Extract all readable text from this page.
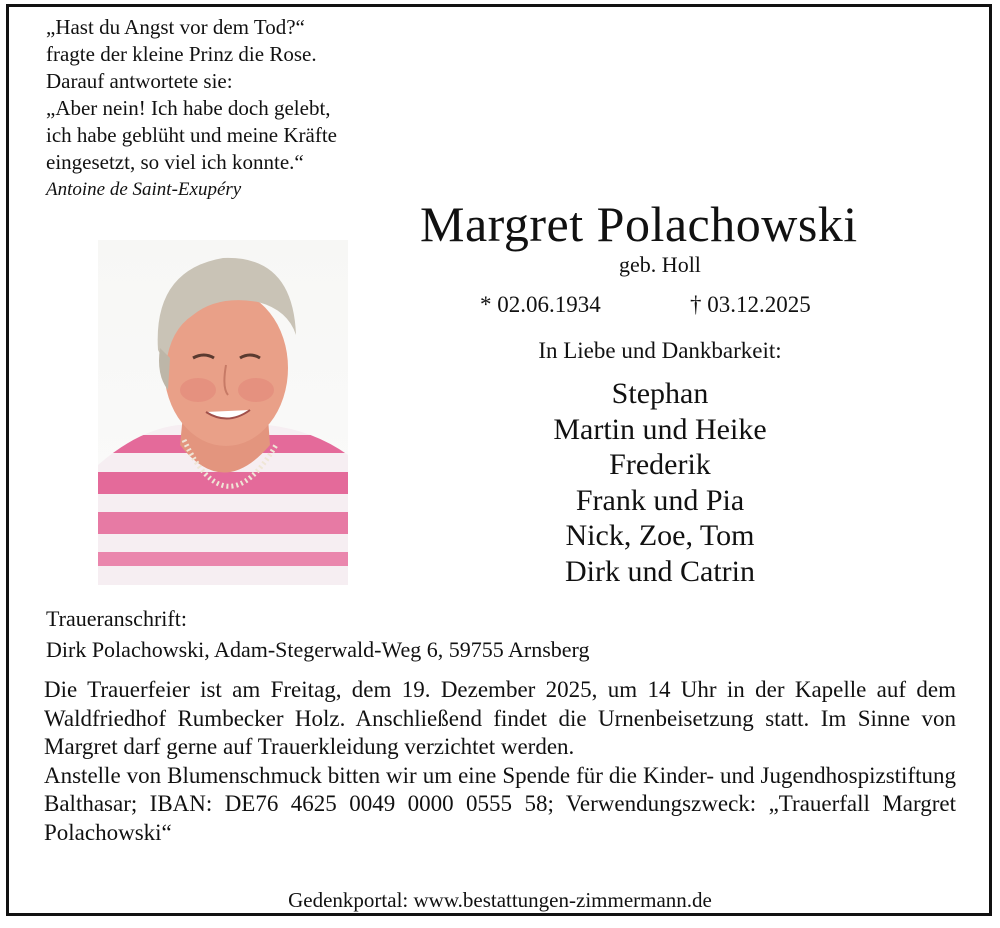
„Hast du Angst vor dem Tod?“
fragte der kleine Prinz die Rose.
Darauf antwortete sie:
„Aber nein! Ich habe doch gelebt,
ich habe geblüht und meine Kräfte
eingesetzt, so viel ich konnte.“
Antoine de Saint-Exupéry
Margret Polachowski
geb. Holl
* 02.06.1934	† 03.12.2025
In Liebe und Dankbarkeit:
Stephan
Martin und Heike
Frederik
Frank und Pia
Nick, Zoe, Tom
Dirk und Catrin
Traueranschrift:
Dirk Polachowski, Adam-Stegerwald-Weg 6, 59755 Arnsberg

Die Trauerfeier ist am Freitag, dem 19. Dezember 2025, um 14 Uhr in der Kapelle auf dem Waldfriedhof Rumbecker Holz. Anschließend findet die Urnenbeisetzung statt. Im Sinne von Margret darf gerne auf Trauerkleidung verzichtet werden.

Anstelle von Blumenschmuck bitten wir um eine Spende für die Kinder- und Jugendhospizstiftung Balthasar; IBAN: DE76 4625 0049 0000 0555 58; Verwendungszweck: „Trauerfall Margret Polachowski“

Gedenkportal: www.bestattungen-zimmermann.de
